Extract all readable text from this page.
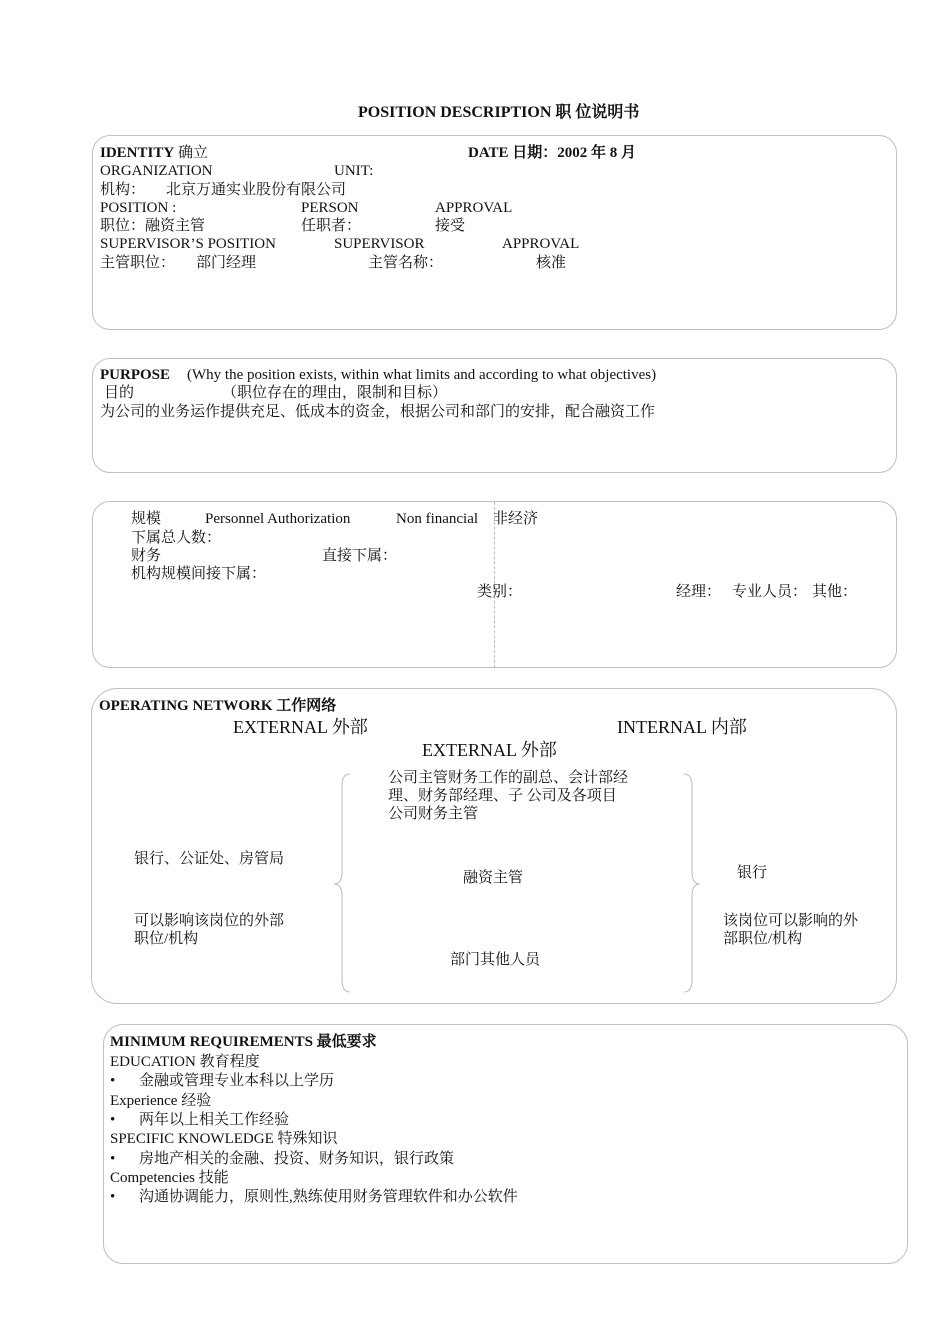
POSITION DESCRIPTION 职 位说明书
IDENTITY 确立	DATE 日期：2002 年 8 月
ORGANIZATION	UNIT:
机构： 北京万通实业股份有限公司
POSITION :	PERSON	APPROVAL
职位：融资主管	任职者：	接受
SUPERVISOR’S POSITION	SUPERVISOR	APPROVAL
主管职位： 部门经理	主管名称：	核准
PURPOSE (Why the position exists, within what limits and according to what objectives)
目的	（职位存在的理由，限制和目标）
为公司的业务运作提供充足、低成本的资金，根据公司和部门的安排，配合融资工作
规模	Personnel Authorization	Non financial 非经济
下属总人数：
财务	直接下属：
机构规模间接下属：
类别：	经理： 专业人员： 其他：
OPERATING NETWORK 工作网络
EXTERNAL 外部	INTERNAL 内部
EXTERNAL 外部
公司主管财务工作的副总、会计部经
理、财务部经理、子 公司及各项目
公司财务主管
银行、公证处、房管局
融资主管	银行
可以影响该岗位的外部
职位/机构
该岗位可以影响的外
部职位/机构
部门其他人员
MINIMUM REQUIREMENTS 最低要求
EDUCATION 教育程度
• 金融或管理专业本科以上学历
Experience 经验
• 两年以上相关工作经验
SPECIFIC KNOWLEDGE 特殊知识
• 房地产相关的金融、投资、财务知识，银行政策
Competencies 技能
• 沟通协调能力，原则性,熟练使用财务管理软件和办公软件
